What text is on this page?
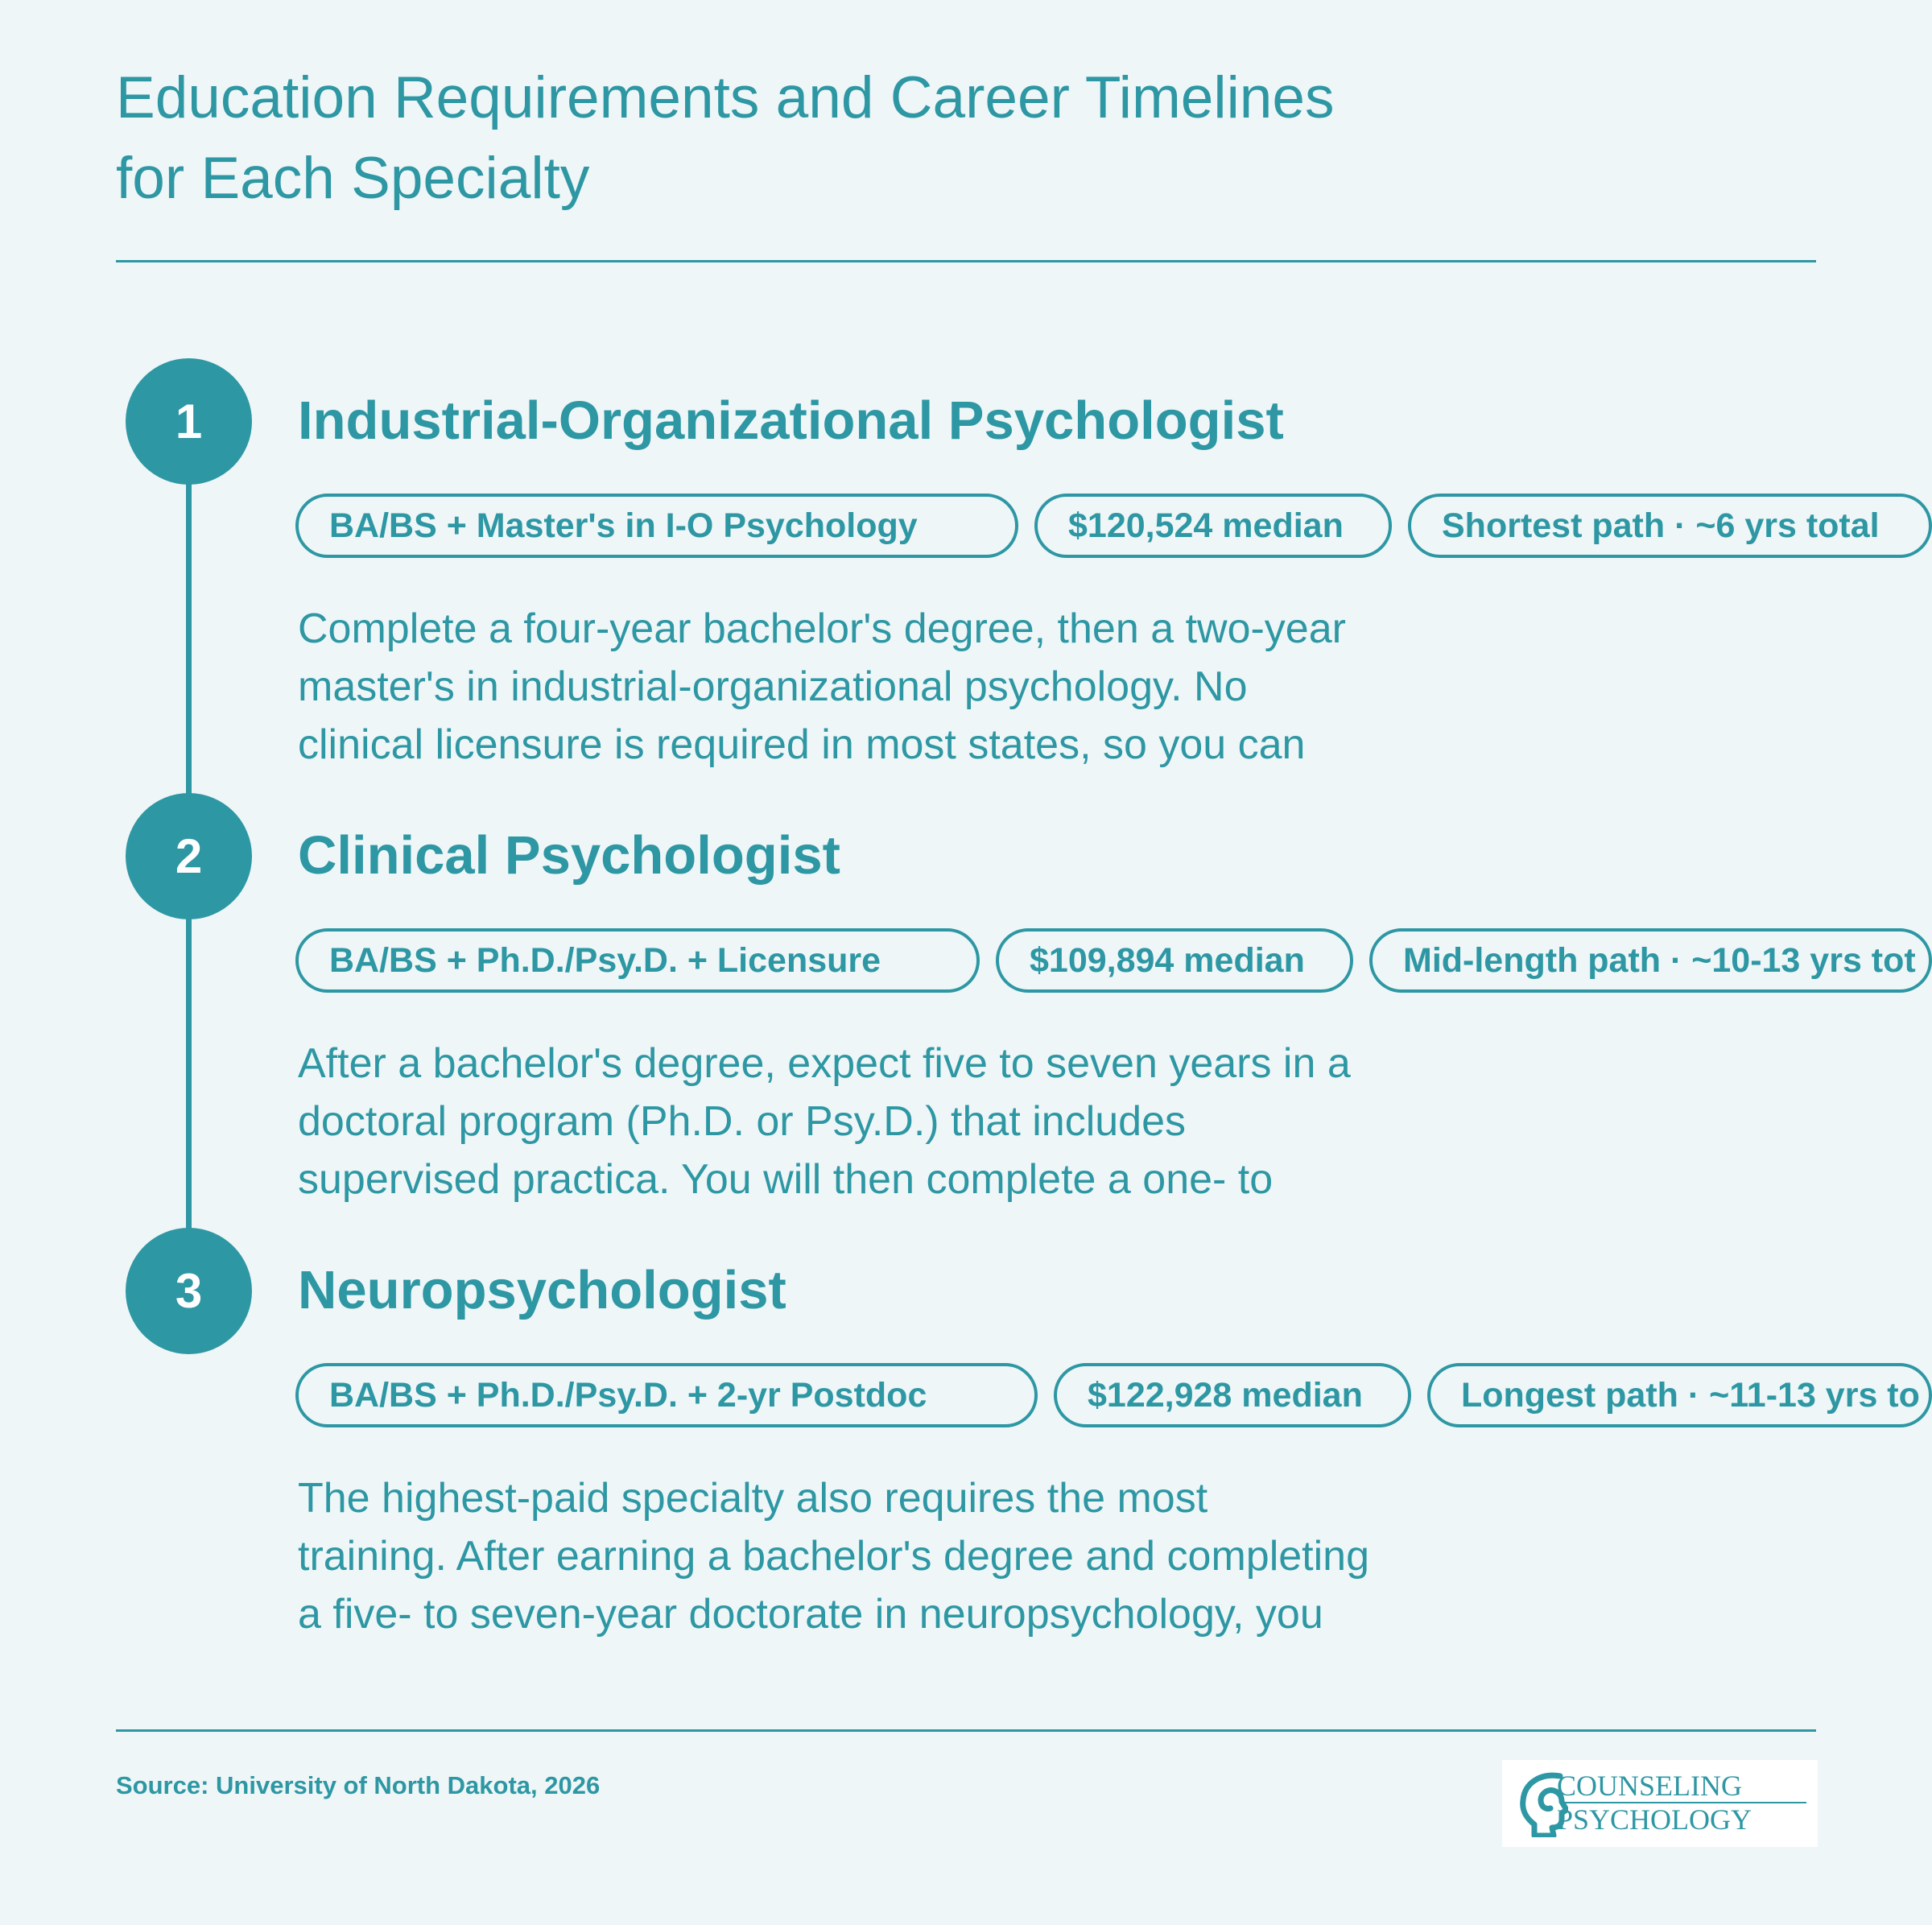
Education Requirements and Career Timelines
for Each Specialty
1	Industrial-Organizational Psychologist
BA/BS + Master's in I-O Psychology	$120,524 median	Shortest path · ~6 yrs total

Complete a four-year bachelor's degree, then a two-year
master's in industrial-organizational psychology. No
clinical licensure is required in most states, so you can

2	Clinical Psychologist
BA/BS + Ph.D./Psy.D. + Licensure	$109,894 median	Mid-length path · ~10-13 yrs tot

After a bachelor's degree, expect five to seven years in a
doctoral program (Ph.D. or Psy.D.) that includes
supervised practica. You will then complete a one- to

3	Neuropsychologist
BA/BS + Ph.D./Psy.D. + 2-yr Postdoc	$122,928 median	Longest path · ~11-13 yrs to

The highest-paid specialty also requires the most
training. After earning a bachelor's degree and completing
a five- to seven-year doctorate in neuropsychology, you

Source: University of North Dakota, 2026	COUNSELING
PSYCHOLOGY
